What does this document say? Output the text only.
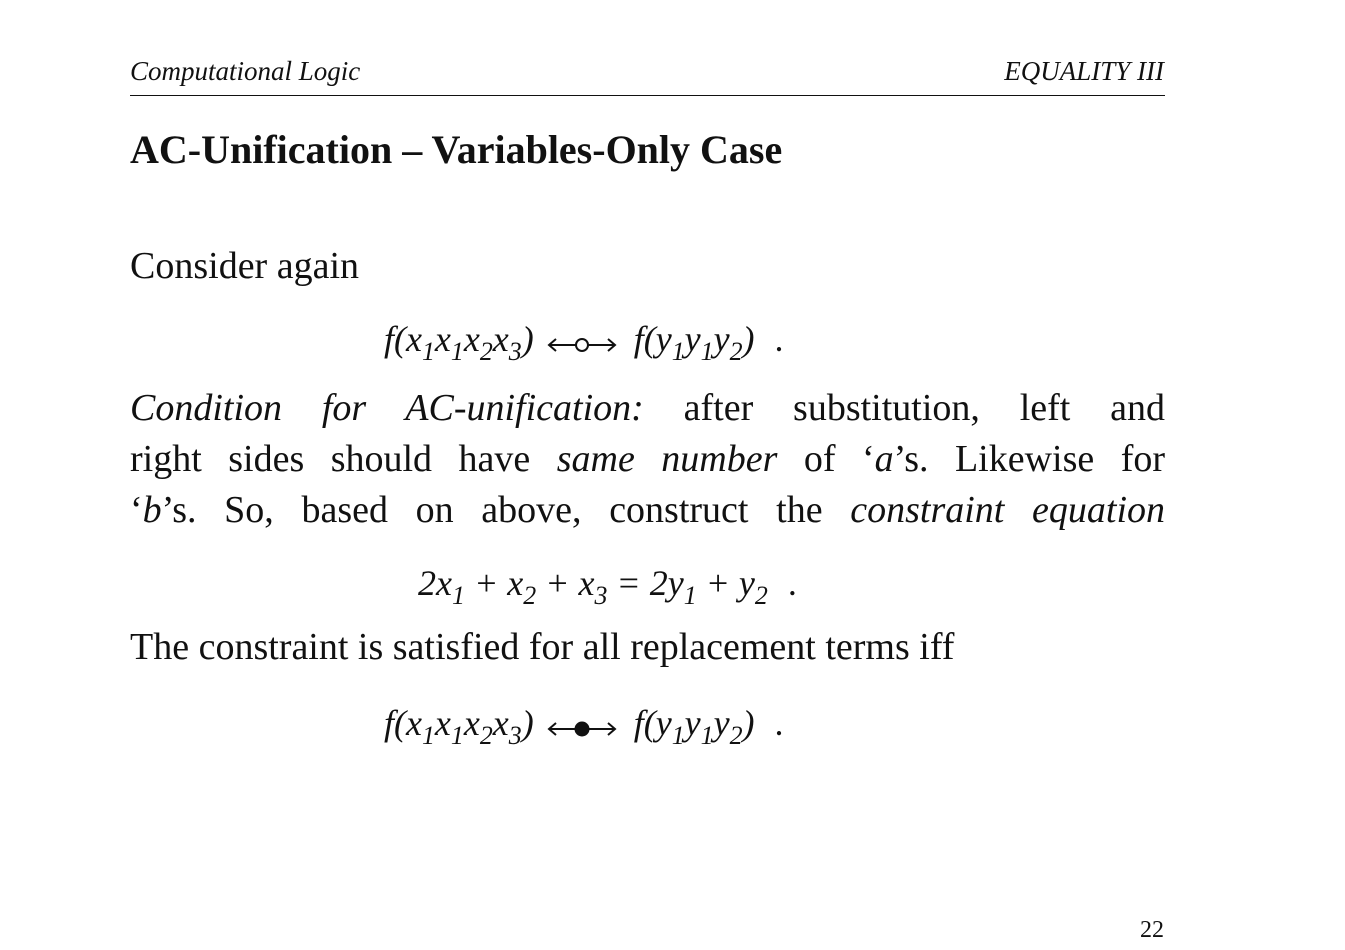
Computational Logic	EQUALITY III
AC-Unification – Variables-Only Case
Consider again
$f(x_1x_1x_2x_3)$	$f(y_1y_1y_2)$ .
Condition for AC-unification: after substitution, left and
right sides should have same number of ‘a’s. Likewise for
‘b’s. So, based on above, construct the constraint equation
$2x_1 + x_2 + x_3 = 2y_1 + y_2$ .
The constraint is satisfied for all replacement terms iff
$f(x_1x_1x_2x_3)$	$f(y_1y_1y_2)$ .
22
